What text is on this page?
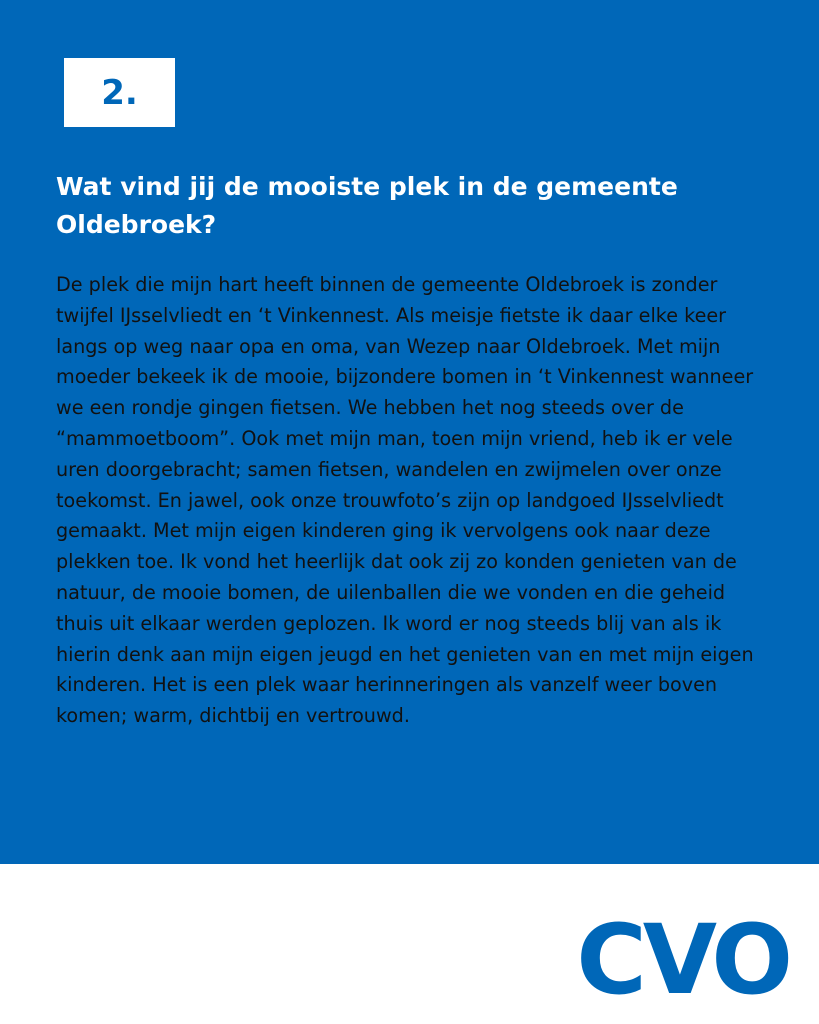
2.
Wat vind jij de mooiste plek in de gemeente Oldebroek?

De plek die mijn hart heeft binnen de gemeente Oldebroek is zonder twijfel IJsselvliedt en ‘t Vinkennest. Als meisje fietste ik daar elke keer langs op weg naar opa en oma, van Wezep naar Oldebroek. Met mijn moeder bekeek ik de mooie, bijzondere bomen in ‘t Vinkennest wanneer we een rondje gingen fietsen. We hebben het nog steeds over de “mammoetboom”. Ook met mijn man, toen mijn vriend, heb ik er vele uren doorgebracht; samen fietsen, wandelen en zwijmelen over onze toekomst. En jawel, ook onze trouwfoto’s zijn op landgoed IJsselvliedt gemaakt. Met mijn eigen kinderen ging ik vervolgens ook naar deze plekken toe. Ik vond het heerlijk dat ook zij zo konden genieten van de natuur, de mooie bomen, de uilenballen die we vonden en die geheid thuis uit elkaar werden geplozen. Ik word er nog steeds blij van als ik hierin denk aan mijn eigen jeugd en het genieten van en met mijn eigen kinderen. Het is een plek waar herinneringen als vanzelf weer boven komen; warm, dichtbij en vertrouwd.

CVO
